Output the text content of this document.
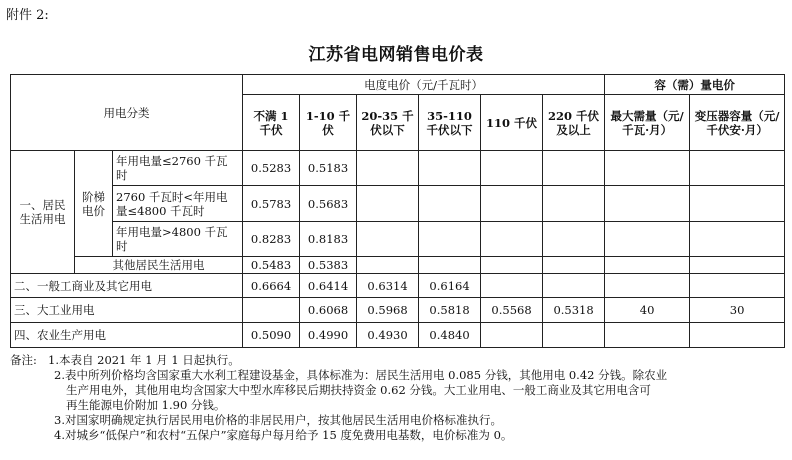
附件 2:
江苏省电网销售电价表
用电分类			电度电价（元/千瓦时）						容（需）量电价	
			不满 1 千伏	1-10 千伏	20-35 千伏以下	35-110 千伏以下	110 千伏	220 千伏及以上	最大需量（元/千瓦·月）	变压器容量（元/千伏安·月）
一、居民生活用电	阶梯电价	年用电量≤2760 千瓦时	0.5283	0.5183						
		2760 千瓦时<年用电量≤4800 千瓦时	0.5783	0.5683						
		年用电量>4800 千瓦时	0.8283	0.8183						
	其他居民生活用电		0.5483	0.5383						
二、一般工商业及其它用电			0.6664	0.6414	0.6314	0.6164				
三、大工业用电				0.6068	0.5968	0.5818	0.5568	0.5318	40	30
四、农业生产用电			0.5090	0.4990	0.4930	0.4840				
备注: 1.本表自 2021 年 1 月 1 日起执行。
2.表中所列价格均含国家重大水利工程建设基金，具体标准为：居民生活用电 0.085 分钱，其他用电 0.42 分钱。除农业
生产用电外，其他用电均含国家大中型水库移民后期扶持资金 0.62 分钱。大工业用电、一般工商业及其它用电含可
再生能源电价附加 1.90 分钱。
3.对国家明确规定执行居民用电价格的非居民用户，按其他居民生活用电价格标准执行。
4.对城乡“低保户”和农村“五保户”家庭每户每月给予 15 度免费用电基数，电价标准为 0。
